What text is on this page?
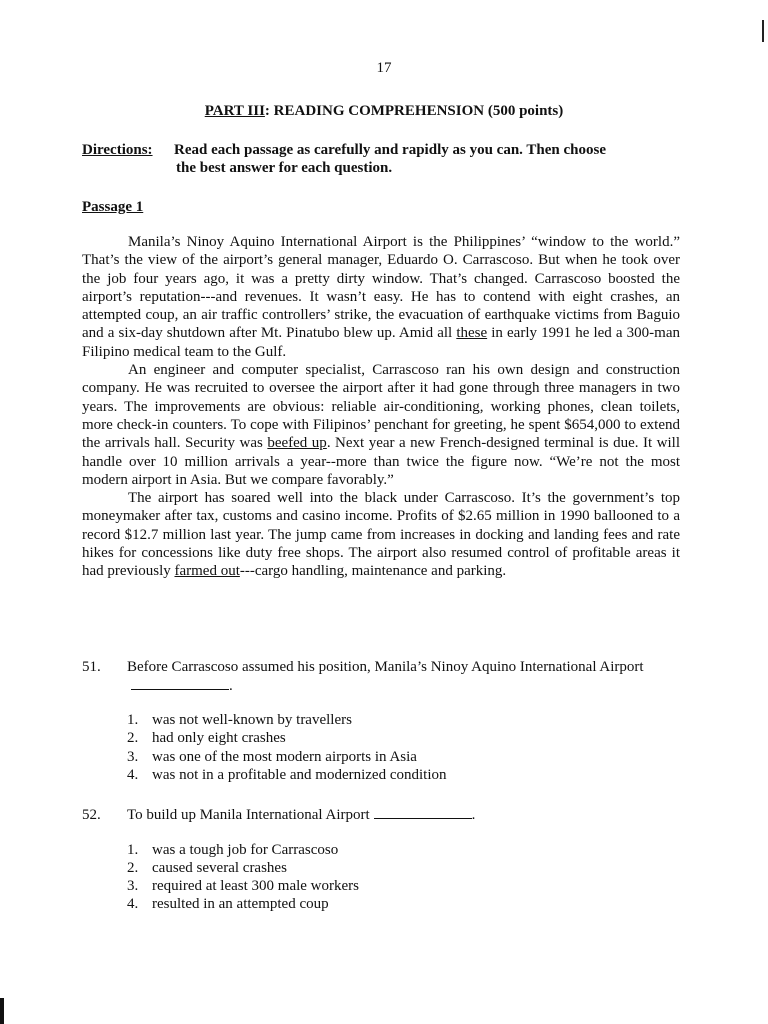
17
PART III: READING COMPREHENSION (500 points)
Directions: Read each passage as carefully and rapidly as you can. Then choose
the best answer for each question.
Passage 1

Manila’s Ninoy Aquino International Airport is the Philippines’ “window to the world.” That’s the view of the airport’s general manager, Eduardo O. Carrascoso. But when he took over the job four years ago, it was a pretty dirty window. That’s changed. Carrascoso boosted the airport’s reputation---and revenues. It wasn’t easy. He has to contend with eight crashes, an attempted coup, an air traffic controllers’ strike, the evacuation of earthquake victims from Baguio and a six-day shutdown after Mt. Pinatubo blew up. Amid all these in early 1991 he led a 300-man Filipino medical team to the Gulf.

An engineer and computer specialist, Carrascoso ran his own design and construction company. He was recruited to oversee the airport after it had gone through three managers in two years. The improvements are obvious: reliable air-conditioning, working phones, clean toilets, more check-in counters. To cope with Filipinos’ penchant for greeting, he spent $654,000 to extend the arrivals hall. Security was beefed up. Next year a new French-designed terminal is due. It will handle over 10 million arrivals a year--more than twice the figure now. “We’re not the most modern airport in Asia. But we compare favorably.”

The airport has soared well into the black under Carrascoso. It’s the government’s top moneymaker after tax, customs and casino income. Profits of $2.65 million in 1990 ballooned to a record $12.7 million last year. The jump came from increases in docking and landing fees and rate hikes for concessions like duty free shops. The airport also resumed control of profitable areas it had previously farmed out---cargo handling, maintenance and parking.

51. Before Carrascoso assumed his position, Manila’s Ninoy Aquino International Airport.
1. was not well-known by travellers
2. had only eight crashes
3. was one of the most modern airports in Asia
4. was not in a profitable and modernized condition
52. To build up Manila International Airport	.
1. was a tough job for Carrascoso
2. caused several crashes
3. required at least 300 male workers
4. resulted in an attempted coup
